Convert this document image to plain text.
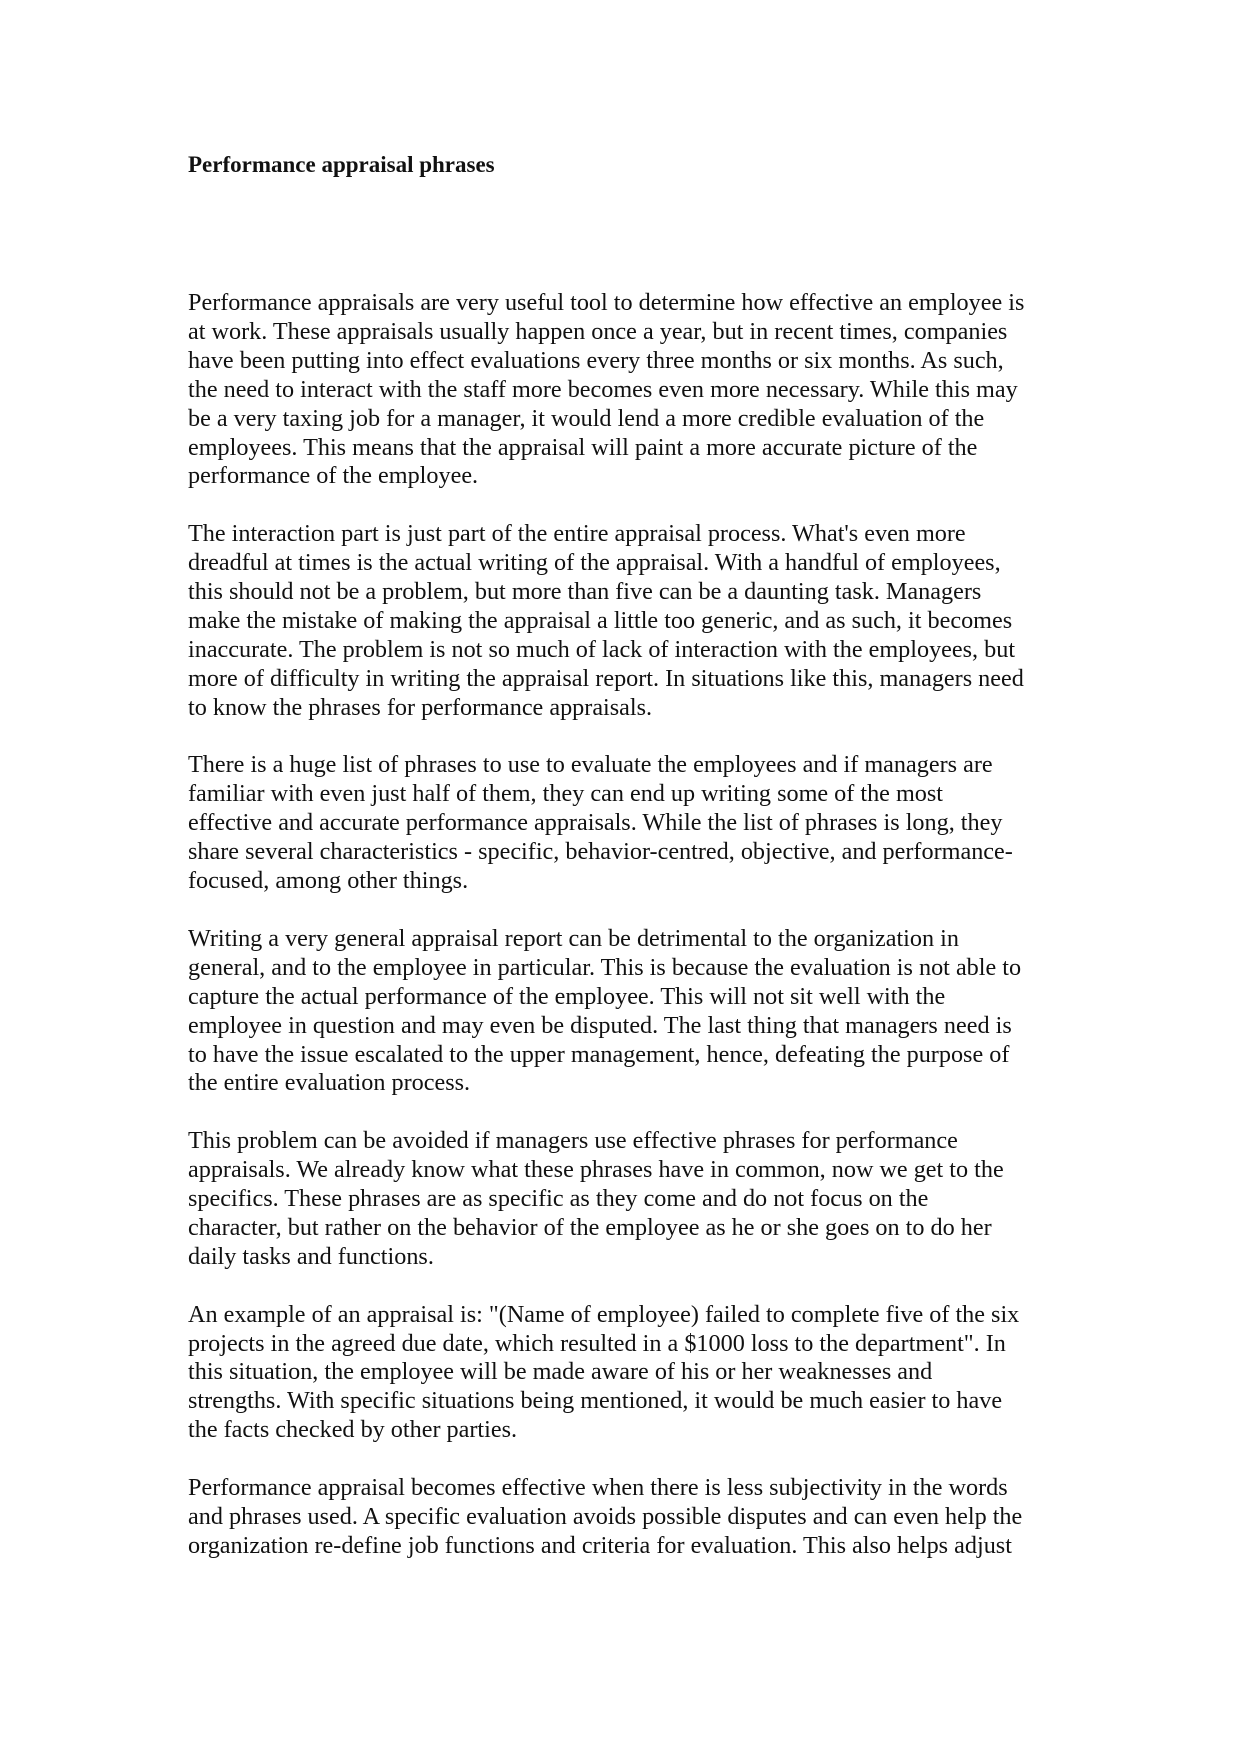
Performance appraisal phrases

Performance appraisals are very useful tool to determine how effective an employee is
at work. These appraisals usually happen once a year, but in recent times, companies
have been putting into effect evaluations every three months or six months. As such,
the need to interact with the staff more becomes even more necessary. While this may
be a very taxing job for a manager, it would lend a more credible evaluation of the
employees. This means that the appraisal will paint a more accurate picture of the
performance of the employee.

The interaction part is just part of the entire appraisal process. What's even more
dreadful at times is the actual writing of the appraisal. With a handful of employees,
this should not be a problem, but more than five can be a daunting task. Managers
make the mistake of making the appraisal a little too generic, and as such, it becomes
inaccurate. The problem is not so much of lack of interaction with the employees, but
more of difficulty in writing the appraisal report. In situations like this, managers need
to know the phrases for performance appraisals.

There is a huge list of phrases to use to evaluate the employees and if managers are
familiar with even just half of them, they can end up writing some of the most
effective and accurate performance appraisals. While the list of phrases is long, they
share several characteristics - specific, behavior-centred, objective, and performance-
focused, among other things.

Writing a very general appraisal report can be detrimental to the organization in
general, and to the employee in particular. This is because the evaluation is not able to
capture the actual performance of the employee. This will not sit well with the
employee in question and may even be disputed. The last thing that managers need is
to have the issue escalated to the upper management, hence, defeating the purpose of
the entire evaluation process.

This problem can be avoided if managers use effective phrases for performance
appraisals. We already know what these phrases have in common, now we get to the
specifics. These phrases are as specific as they come and do not focus on the
character, but rather on the behavior of the employee as he or she goes on to do her
daily tasks and functions.

An example of an appraisal is: "(Name of employee) failed to complete five of the six
projects in the agreed due date, which resulted in a $1000 loss to the department". In
this situation, the employee will be made aware of his or her weaknesses and
strengths. With specific situations being mentioned, it would be much easier to have
the facts checked by other parties.

Performance appraisal becomes effective when there is less subjectivity in the words
and phrases used. A specific evaluation avoids possible disputes and can even help the
organization re-define job functions and criteria for evaluation. This also helps adjust
